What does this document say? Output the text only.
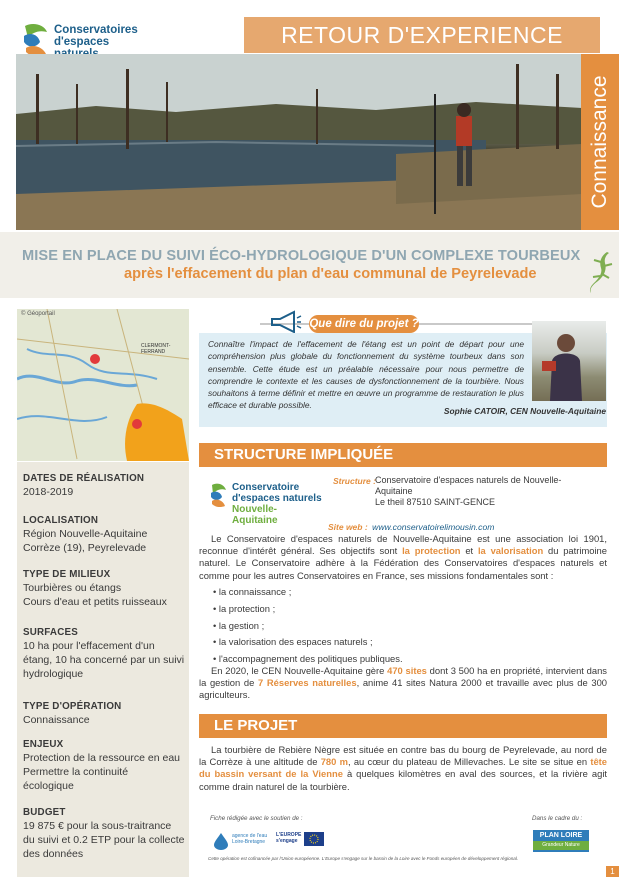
Conservatoires
d'espaces	RETOUR D'EXPERIENCE
Connaissance
MISE EN PLACE DU SUIVI ÉCO-HYDROLOGIQUE D'UN COMPLEXE TOURBEUX
après l'effacement du plan d'eau communal de Peyrelevade
© Géoportail
CLERMONT-FERRAND
DATES DE RÉALISATION
2018-2019
LOCALISATION
Région Nouvelle-Aquitaine
Corrèze (19), Peyrelevade
TYPE DE MILIEUX
Tourbières ou étangs
Cours d'eau et petits ruisseaux
SURFACES
10 ha pour l'effacement d'un
étang, 10 ha concerné par un suivi
hydrologique
TYPE D'OPÉRATION
Connaissance
ENJEUX
Protection de la ressource en eau
Permettre la continuité
écologique
BUDGET
19 875 € pour la sous-traitrance
du suivi et 0.2 ETP pour la collecte
des données
Que dire du projet ?
Connaître l'impact de l'effacement de l'étang est un point de départ pour une compréhension plus globale du fonctionnement du système tourbeux dans son ensemble. Cette étude est un préalable nécessaire pour nous permettre de comprendre le contexte et les causes de dysfonctionnement de la tourbière. Nous souhaitons à terme définir et mettre en œuvre un programme de restauration le plus efficace et durable possible.
Sophie CATOIR, CEN Nouvelle-Aquitaine
STRUCTURE IMPLIQUÉE
Conservatoire
d'espaces naturels
Nouvelle-Aquitaine
Structure : Conservatoire d'espaces naturels de Nouvelle-
Aquitaine
Le theil 87510 SAINT-GENCE
Site web : www.conservatoirelimousin.com
Le Conservatoire d'espaces naturels de Nouvelle-Aquitaine est une association loi 1901, reconnue d'intérêt général. Ses objectifs sont la protection et la valorisation du patrimoine naturel. Le Conservatoire adhère à la Fédération des Conservatoires d'espaces naturels et comme pour les autres Conservatoires en France, ses missions fondamentales sont :
• la connaissance ;
• la protection ;
• la gestion ;
• la valorisation des espaces naturels ;
• l'accompagnement des politiques publiques.
En 2020, le CEN Nouvelle-Aquitaine gère 470 sites dont 3 500 ha en propriété, intervient dans la gestion de 7 Réserves naturelles, anime 41 sites Natura 2000 et travaille avec plus de 300 agriculteurs.
LE PROJET
La tourbière de Rebière Nègre est située en contre bas du bourg de Peyrelevade, au nord de la Corrèze à une altitude de 780 m, au cœur du plateau de Millevaches. Le site se situe en tête du bassin versant de la Vienne à quelques kilomètres en aval des sources, et la rivière agit comme drain naturel de la tourbière.
Fiche rédigée avec le soutien de :	Dans le cadre du :
agence de l'eau
Loire-Bretagne
L'EUROPE
s'engage
PLAN LOIRE
Grandeur Nature
Cette opération est cofinancée par l'Union européenne. L'Europe s'engage sur le bassin de la Loire avec le Fonds européen de développement régional.
1
